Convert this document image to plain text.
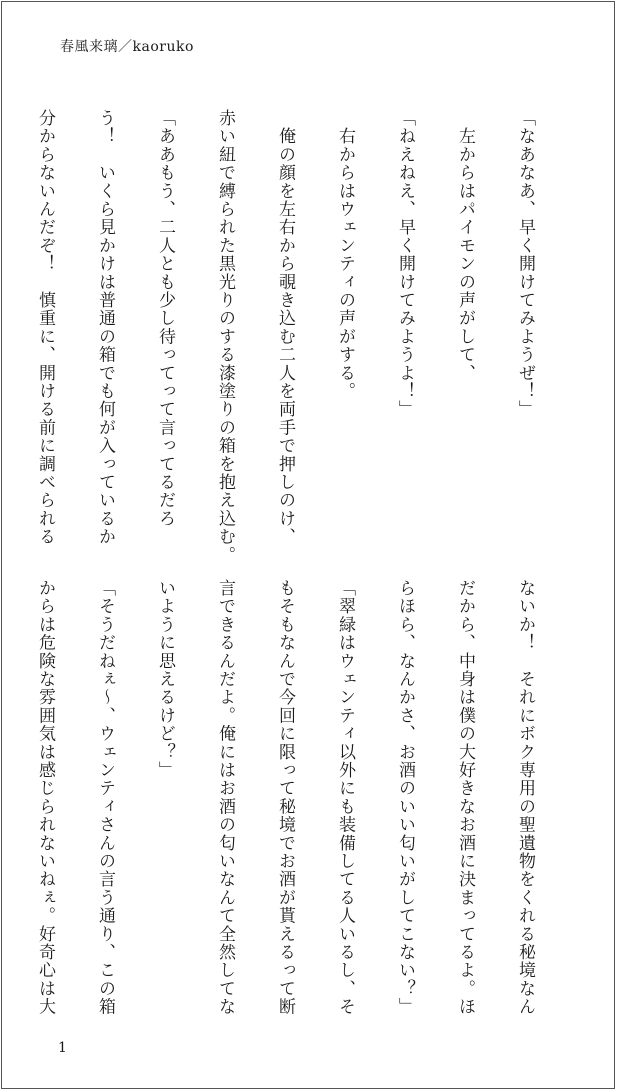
春風来璃／kaoruko

「なあなあ、早く開けてみようぜ！」

　左からはパイモンの声がして、

「ねえねえ、早く開けてみようよ！」

　右からはウェンティの声がする。

　俺の顔を左右から覗き込む二人を両手で押しのけ、

赤い紐で縛られた黒光りのする漆塗りの箱を抱え込む。

「ああもう、二人とも少し待ってって言ってるだろ

う！　いくら見かけは普通の箱でも何が入っているか

分からないんだぞ！　慎重に、開ける前に調べられる

ないか！　それにボク専用の聖遺物をくれる秘境なん

だから、中身は僕の大好きなお酒に決まってるよ。ほ

らほら、なんかさ、お酒のいい匂いがしてこない？」

「翠緑はウェンティ以外にも装備してる人いるし、そ

もそもなんで今回に限って秘境でお酒が貰えるって断

言できるんだよ。俺にはお酒の匂いなんて全然してな

いように思えるけど？」

「そうだねぇ～、ウェンティさんの言う通り、この箱

からは危険な雰囲気は感じられないねぇ。好奇心は大

1
